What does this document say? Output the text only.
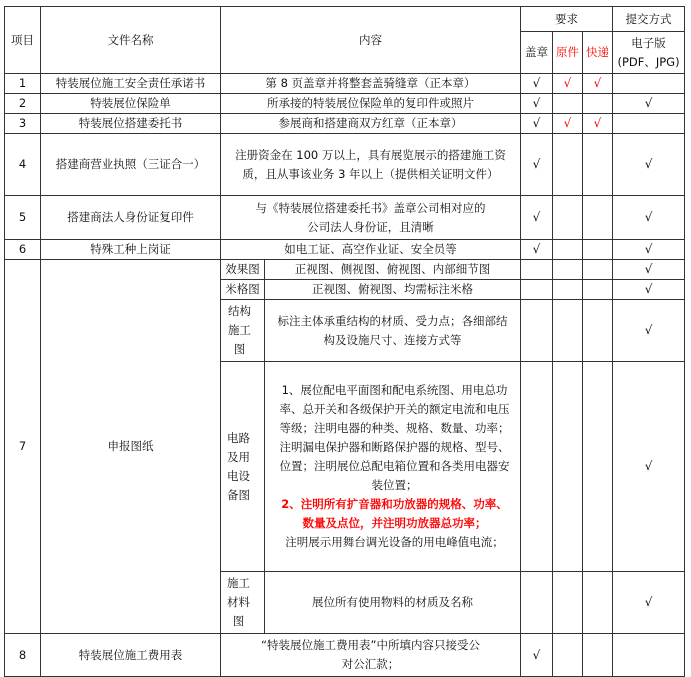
项目	文件名称	内容		要求			提交方式
				盖章	原件	快递	电子版
(PDF、JPG)

1	特装展位施工安全责任承诺书	第 8 页盖章并将整套盖骑缝章（正本章）		√	√	√	
2	特装展位保险单	所承接的特装展位保险单的复印件或照片		√			√
3	特装展位搭建委托书	参展商和搭建商双方红章（正本章）		√	√	√	
4	搭建商营业执照（三证合一）	注册资金在 100 万以上，具有展览展示的搭建施工资质，且从事该业务 3 年以上（提供相关证明文件）		√			√
5	搭建商法人身份证复印件	与《特装展位搭建委托书》盖章公司相对应的公司法人身份证，且清晰		√			√
6	特殊工种上岗证	如电工证、高空作业证、安全员等		√			√
7	申报图纸	效果图	正视图、侧视图、俯视图、内部细节图				√
		米格图	正视图、俯视图、均需标注米格				√
		结构施工图	标注主体承重结构的材质、受力点；各细部结构及设施尺寸、连接方式等				√
		电路及用电设备图	1、展位配电平面图和配电系统图、用电总功率、总开关和各级保护开关的额定电流和电压等级；注明电器的种类、规格、数量、功率；注明漏电保护器和断路保护器的规格、型号、位置；注明展位总配电箱位置和各类用电器安装位置；
2、注明所有扩音器和功放器的规格、功率、数量及点位，并注明功放器总功率；
注明展示用舞台调光设备的用电峰值电流；				√
		施工材料图	展位所有使用物料的材质及名称				√
8	特装展位施工费用表	“特装展位施工费用表”中所填内容只接受公对公汇款；		√			
